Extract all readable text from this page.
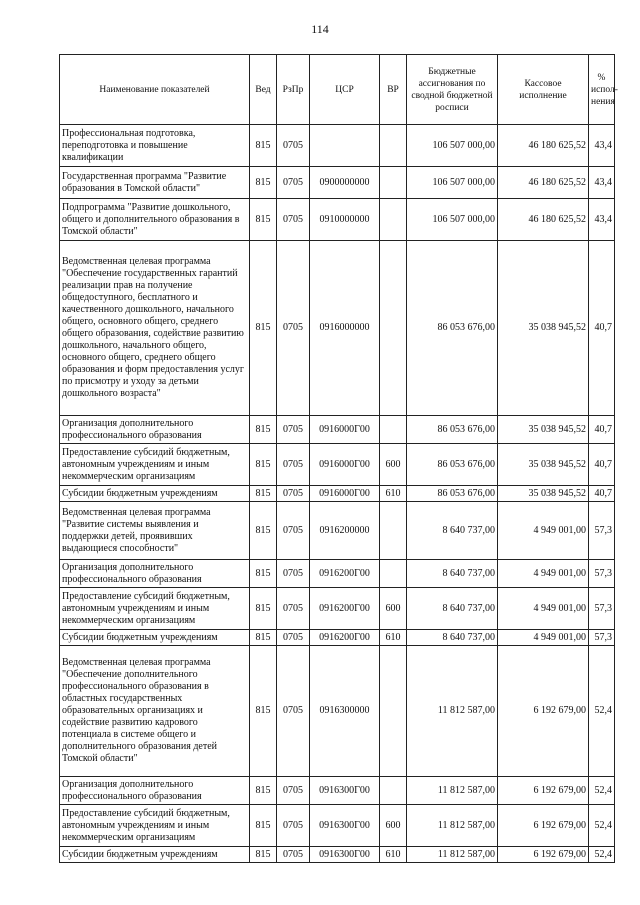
114
Наименование показателей	Вед	РзПр	ЦСР	ВР	Бюджетные ассигнования по сводной бюджетной росписи	Кассовое исполнение	% испол-нения
Профессиональная подготовка, переподготовка и повышение квалификации	815	0705			106 507 000,00	46 180 625,52	43,4
Государственная программа "Развитие образования в Томской области"	815	0705	0900000000		106 507 000,00	46 180 625,52	43,4
Подпрограмма "Развитие дошкольного, общего и дополнительного образования в Томской области"	815	0705	0910000000		106 507 000,00	46 180 625,52	43,4
Ведомственная целевая программа "Обеспечение государственных гарантий реализации прав на получение общедоступного, бесплатного и качественного дошкольного, начального общего, основного общего, среднего общего образования, содействие развитию дошкольного, начального общего, основного общего, среднего общего образования и форм предоставления услуг по присмотру и уходу за детьми дошкольного возраста"	815	0705	0916000000		86 053 676,00	35 038 945,52	40,7
Организация дополнительного профессионального образования	815	0705	0916000Г00		86 053 676,00	35 038 945,52	40,7
Предоставление субсидий бюджетным, автономным учреждениям и иным некоммерческим организациям	815	0705	0916000Г00	600	86 053 676,00	35 038 945,52	40,7
Субсидии бюджетным учреждениям	815	0705	0916000Г00	610	86 053 676,00	35 038 945,52	40,7
Ведомственная целевая программа "Развитие системы выявления и поддержки детей, проявивших выдающиеся способности"	815	0705	0916200000		8 640 737,00	4 949 001,00	57,3
Организация дополнительного профессионального образования	815	0705	0916200Г00		8 640 737,00	4 949 001,00	57,3
Предоставление субсидий бюджетным, автономным учреждениям и иным некоммерческим организациям	815	0705	0916200Г00	600	8 640 737,00	4 949 001,00	57,3
Субсидии бюджетным учреждениям	815	0705	0916200Г00	610	8 640 737,00	4 949 001,00	57,3
Ведомственная целевая программа "Обеспечение дополнительного профессионального образования в областных государственных образовательных организациях и содействие развитию кадрового потенциала в системе общего и дополнительного образования детей Томской области"	815	0705	0916300000		11 812 587,00	6 192 679,00	52,4
Организация дополнительного профессионального образования	815	0705	0916300Г00		11 812 587,00	6 192 679,00	52,4
Предоставление субсидий бюджетным, автономным учреждениям и иным некоммерческим организациям	815	0705	0916300Г00	600	11 812 587,00	6 192 679,00	52,4
Субсидии бюджетным учреждениям	815	0705	0916300Г00	610	11 812 587,00	6 192 679,00	52,4
